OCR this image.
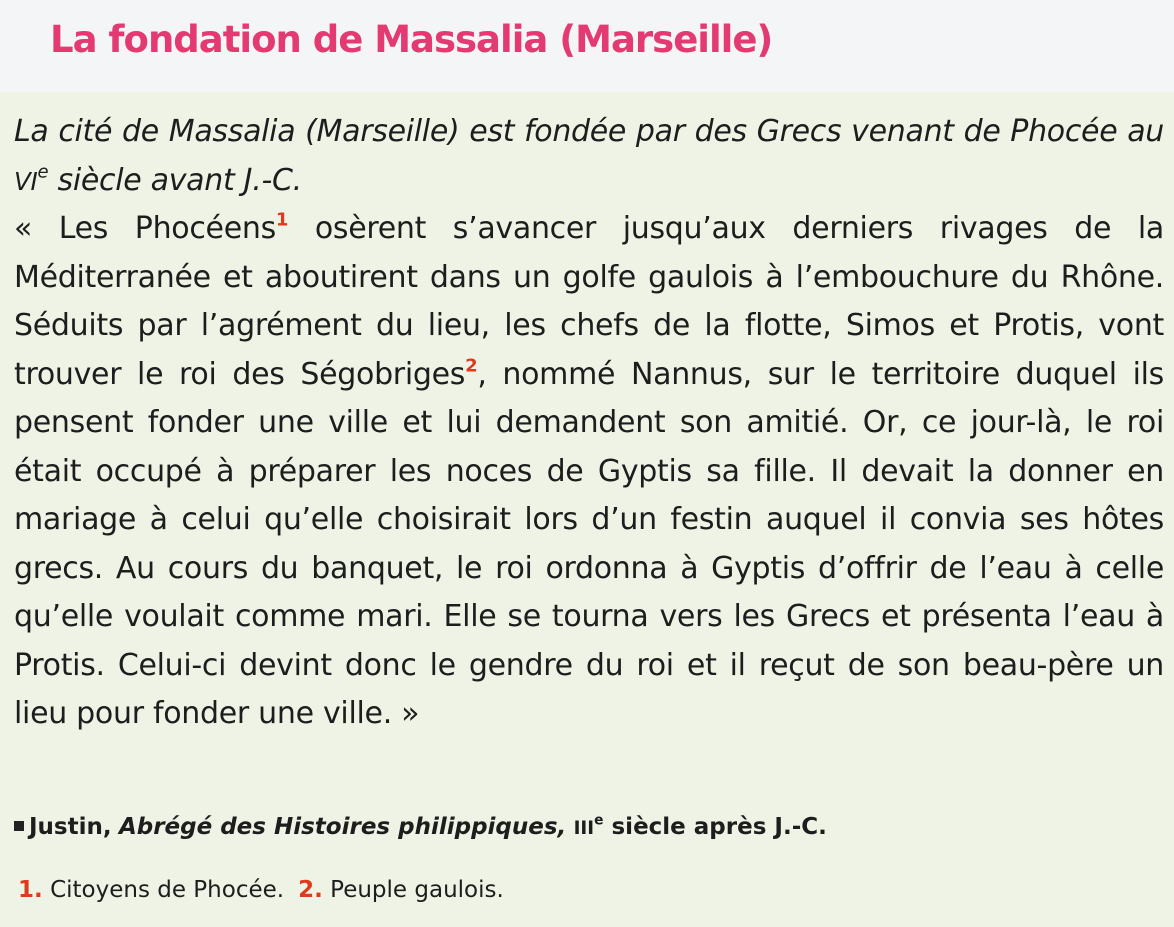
La fondation de Massalia (Marseille)

La cité de Massalia (Marseille) est fondée par des Grecs venant de Phocée au VIe siècle avant J.-C.

« Les Phocéens$^1$ osèrent s’avancer jusqu’aux derniers rivages de la Méditerranée et aboutirent dans un golfe gaulois à l’embouchure du Rhône. Séduits par l’agrément du lieu, les chefs de la flotte, Simos et Protis, vont trouver le roi des Ségobriges$^2$, nommé Nannus, sur le territoire duquel ils pensent fonder une ville et lui demandent son amitié. Or, ce jour-là, le roi était occupé à préparer les noces de Gyptis sa fille. Il devait la donner en mariage à celui qu’elle choisirait lors d’un festin auquel il convia ses hôtes grecs. Au cours du banquet, le roi ordonna à Gyptis d’offrir de l’eau à celle qu’elle voulait comme mari. Elle se tourna vers les Grecs et présenta l’eau à Protis. Celui-ci devint donc le gendre du roi et il reçut de son beau-père un lieu pour fonder une ville. »

Justin, Abrégé des Histoires philippiques, IIIe siècle après J.-C.
1. Citoyens de Phocée. 2. Peuple gaulois.
